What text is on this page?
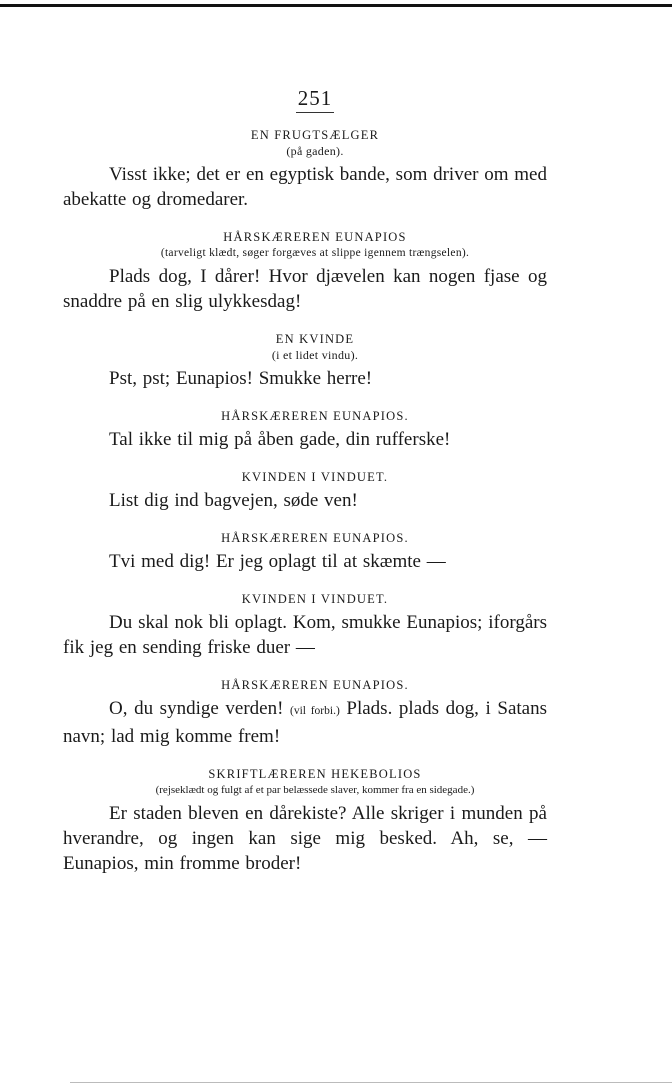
251

EN FRUGTSÆLGER

(på gaden).

Visst ikke; det er en egyptisk bande, som driver om med abekatte og dromedarer.

HÅRSKÆREREN EUNAPIOS

(tarveligt klædt, søger forgæves at slippe igennem trængselen).

Plads dog, I dårer! Hvor djævelen kan nogen fjase og snaddre på en slig ulykkesdag!

EN KVINDE

(i et lidet vindu).

Pst, pst; Eunapios! Smukke herre!

HÅRSKÆREREN EUNAPIOS.

Tal ikke til mig på åben gade, din rufferske!

KVINDEN I VINDUET.

List dig ind bagvejen, søde ven!

HÅRSKÆREREN EUNAPIOS.

Tvi med dig! Er jeg oplagt til at skæmte —

KVINDEN I VINDUET.

Du skal nok bli oplagt. Kom, smukke Eunapios; iforgårs fik jeg en sending friske duer —

HÅRSKÆREREN EUNAPIOS.

O, du syndige verden! (vil forbi.) Plads. plads dog, i Satans navn; lad mig komme frem!

SKRIFTLÆREREN HEKEBOLIOS

(rejseklædt og fulgt af et par belæssede slaver, kommer fra en sidegade.)

Er staden bleven en dårekiste? Alle skriger i munden på hverandre, og ingen kan sige mig besked. Ah, se, — Eunapios, min fromme broder!
